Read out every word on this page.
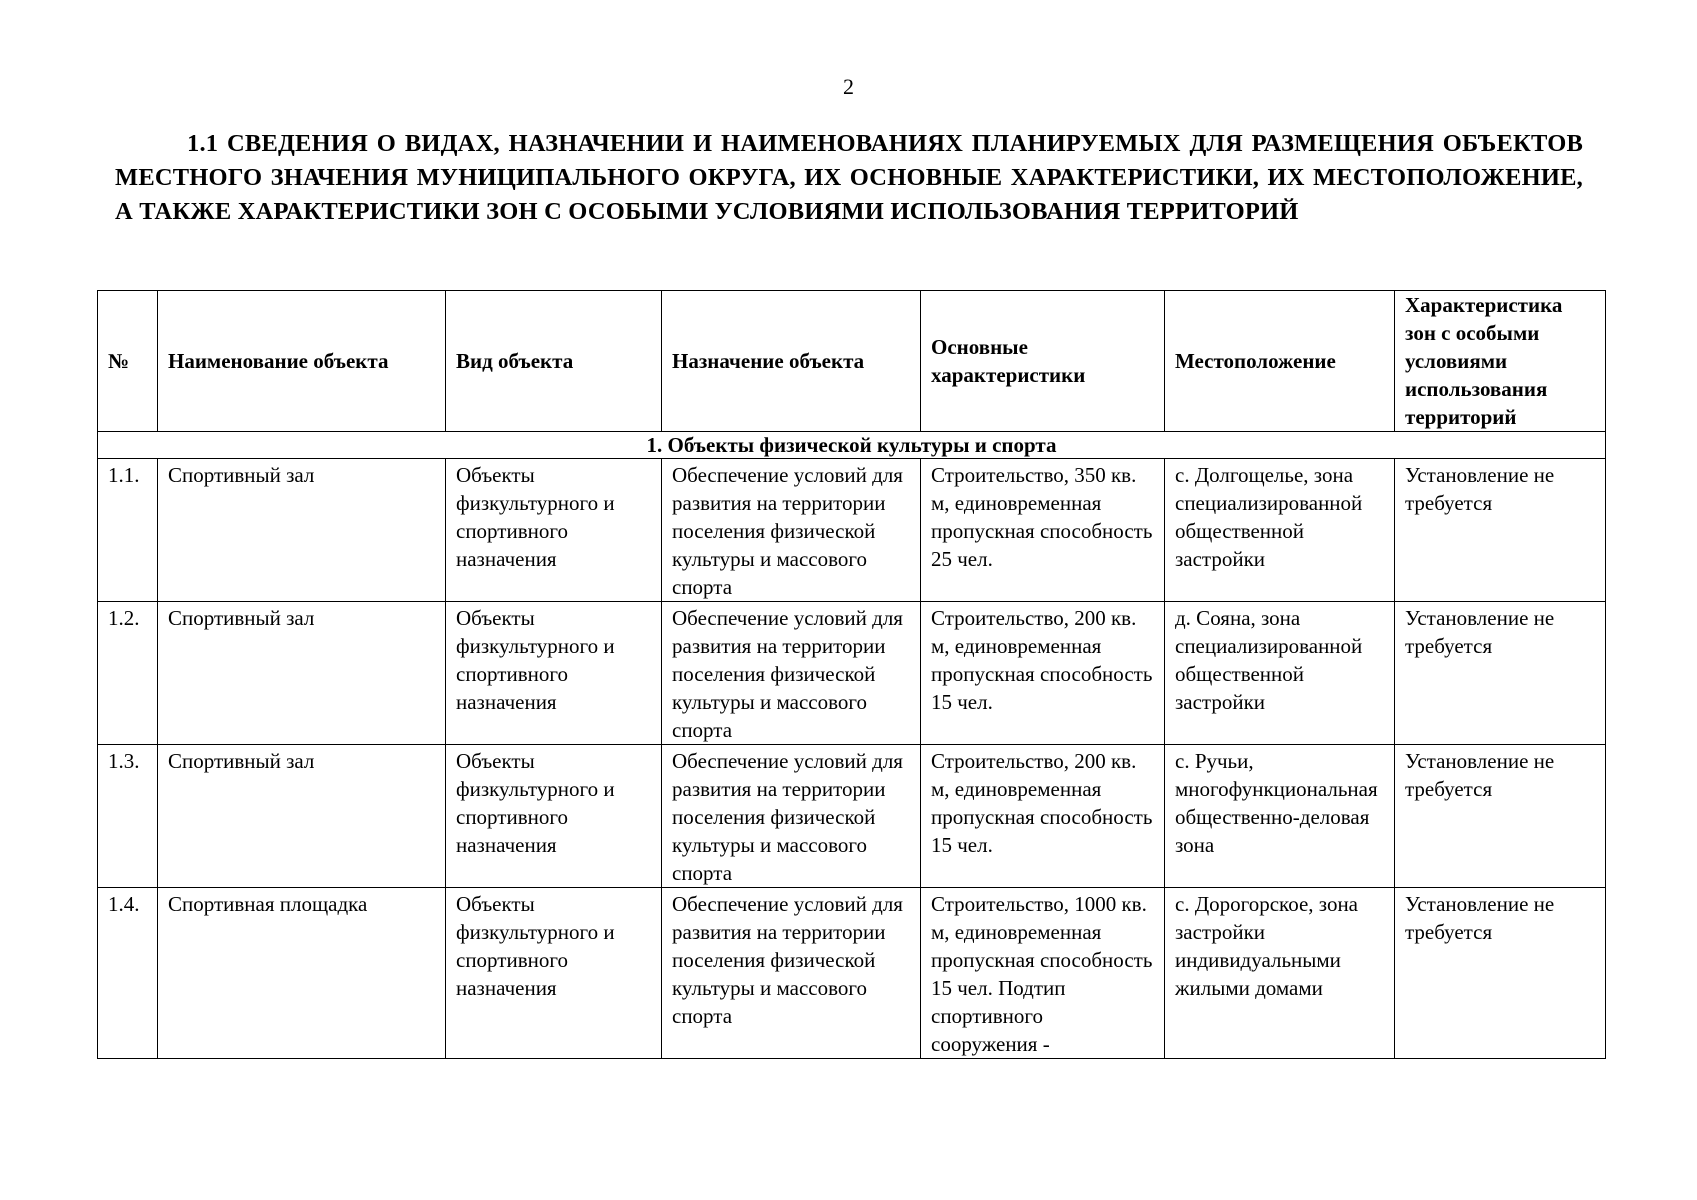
2
1.1 СВЕДЕНИЯ О ВИДАХ, НАЗНАЧЕНИИ И НАИМЕНОВАНИЯХ ПЛАНИРУЕМЫХ ДЛЯ РАЗМЕЩЕНИЯ ОБЪЕКТОВ МЕСТНОГО ЗНАЧЕНИЯ МУНИЦИПАЛЬНОГО ОКРУГА, ИХ ОСНОВНЫЕ ХАРАКТЕРИСТИКИ, ИХ МЕСТОПОЛОЖЕНИЕ, А ТАКЖЕ ХАРАКТЕРИСТИКИ ЗОН С ОСОБЫМИ УСЛОВИЯМИ ИСПОЛЬЗОВАНИЯ ТЕРРИТОРИЙ
№	Наименование объекта	Вид объекта	Назначение объекта	Основные характеристики	Местоположение	Характеристика зон с особыми условиями использования территорий
1. Объекты физической культуры и спорта						
1.1.	Спортивный зал	Объекты физкультурного и спортивного назначения	Обеспечение условий для развития на территории поселения физической культуры и массового спорта	Строительство, 350 кв. м, единовременная пропускная способность 25 чел.	с. Долгощелье, зона специализированной общественной застройки	Установление не требуется
1.2.	Спортивный зал	Объекты физкультурного и спортивного назначения	Обеспечение условий для развития на территории поселения физической культуры и массового спорта	Строительство, 200 кв. м, единовременная пропускная способность 15 чел.	д. Сояна, зона специализированной общественной застройки	Установление не требуется
1.3.	Спортивный зал	Объекты физкультурного и спортивного назначения	Обеспечение условий для развития на территории поселения физической культуры и массового спорта	Строительство, 200 кв. м, единовременная пропускная способность 15 чел.	с. Ручьи, многофункциональная общественно-деловая зона	Установление не требуется
1.4.	Спортивная площадка	Объекты физкультурного и спортивного назначения	Обеспечение условий для развития на территории поселения физической культуры и массового спорта	Строительство, 1000 кв. м, единовременная пропускная способность 15 чел. Подтип спортивного сооружения -	с. Дорогорское, зона застройки индивидуальными жилыми домами	Установление не требуется
